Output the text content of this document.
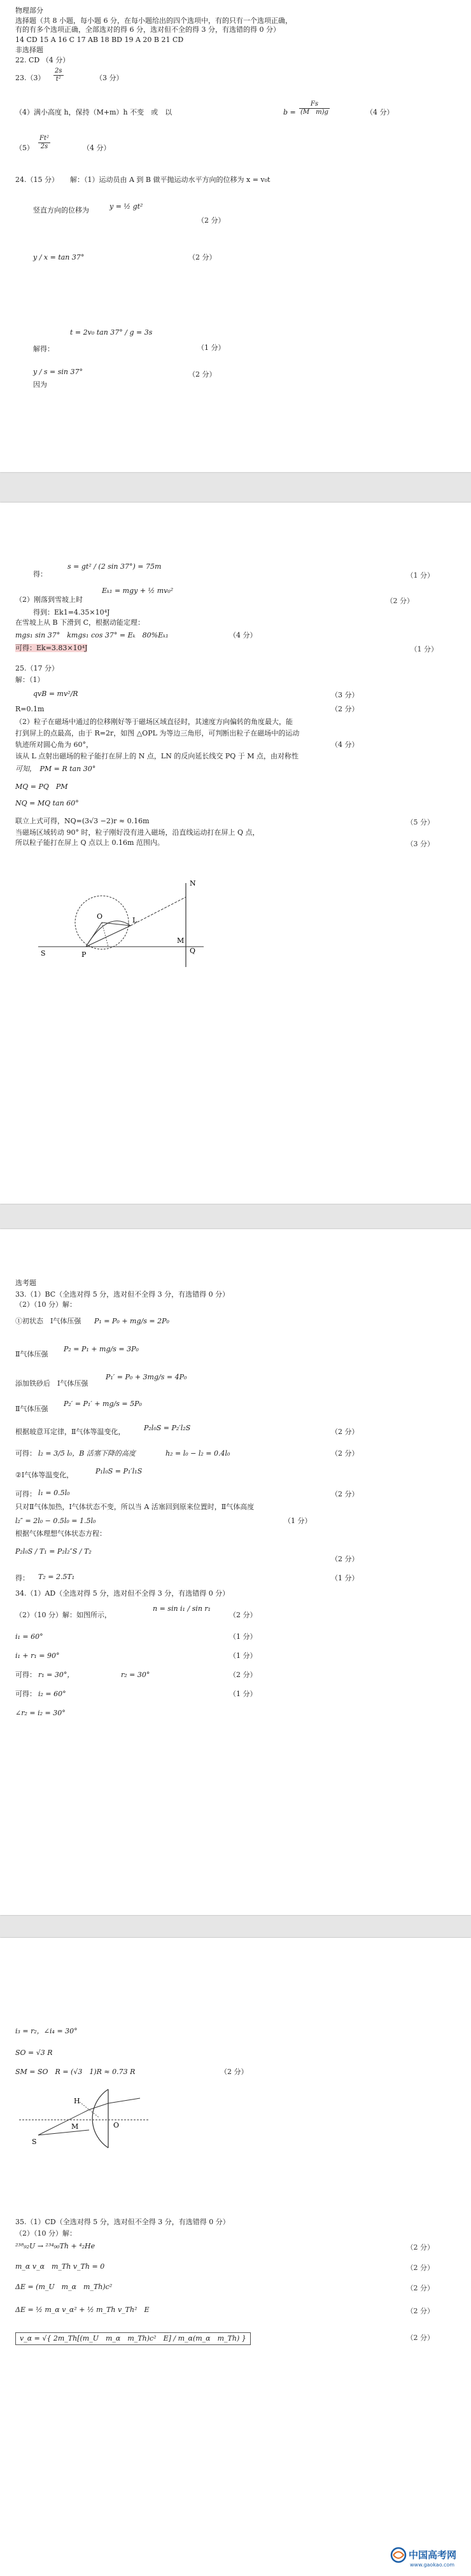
物理部分
选择题（共 8 小题，每小题 6 分，在每小题给出的四个选项中，有的只有一个选项正确，
有的有多个选项正确，全部选对的得 6 分，选对但不全的得 3 分，有选错的得 0 分）
14 CD 15 A 16 C 17 AB 18 BD 19 A 20 B 21 CD
非选择题
22. CD （4 分）
$23.(3) \frac{2s}{\text{t²}}$	（3 分）
（4）满小高度 h，保持（M+m）h 不变　或　以	$b = \frac{Fs}{\text{(M　m)g}}$	（4 分）
$(5) \frac{\text{Ft²}}{2s}$	（4 分）
24.（15 分） 解：（1）运动员由 A 到 B 做平抛运动水平方向的位移为 x = v₀t
竖直方向的位移为	y = ½ gt²
（2 分）
y / x = tan 37°	（2 分）
解得：
t = 2v₀ tan 37° / g = 3s
（1 分）
因为
y / s = sin 37°	（2 分）
得：
s = gt² / (2 sin 37°) = 75m
（1 分）
（2）刚落到雪坡上时
Eₖ₁ = mgy + ½ mv₀²
（2 分）
得到：Ek1=4.35×10⁴J
在雪坡上从 B 下滑到 C，根据动能定理：
mgs₁ sin 37°　kmgs₁ cos 37° = Eₖ　80%Eₖ₁	（4 分）
可得：Ek=3.83×10⁴J	（1 分）
25.（17 分）
解：（1）
qvB = mv²/R	（3 分）
R=0.1m	（2 分）
（2）粒子在磁场中通过的位移刚好等于磁场区域直径时，其速度方向偏转的角度最大，能
打到屏上的点最高，由于 R=2r，如图 △OPL 为等边三角形，可判断出粒子在磁场中的运动
轨迹所对圆心角为 60°，	（4 分）
该从 L 点射出磁场的粒子能打在屏上的 N 点，LN 的反向延长线交 PQ 于 M 点，由对称性
可知，　PM = R tan 30°
MQ = PQ　PM
NQ = MQ tan 60°
联立上式可得，NQ=(3√3 −2)r ≈ 0.16m	（5 分）
当磁场区域转动 90° 时，粒子刚好没有进入磁场，沿直线运动打在屏上 Q 点，
所以粒子能打在屏上 Q 点以上 0.16m 范围内。	（3 分）
N
O	L
M
S	P	Q
选考题
33.（1）BC（全选对得 5 分，选对但不全得 3 分，有选错得 0 分）
（2）（10 分）解：
①初状态　Ⅰ气体压强 P₁ = P₀ + mg/s = 2P₀
Ⅱ气体压强
P₂ = P₁ + mg/s = 3P₀
添加铁砂后　Ⅰ气体压强
P₁′ = P₀ + 3mg/s = 4P₀
Ⅱ气体压强
P₂′ = P₁′ + mg/s = 5P₀
根据玻意耳定律，Ⅱ气体等温变化，	P₂l₀S = P₂′l₂S	（2 分）
可得： l₂ = 3/5 l₀，B 活塞下降的高度	h₂ = l₀ − l₂ = 0.4l₀	（2 分）
②Ⅰ气体等温变化，	P₁l₀S = P₁′l₁S
可得： l₁ = 0.5l₀	（2 分）
只对Ⅱ气体加热，Ⅰ气体状态不变，所以当 A 活塞回到原来位置时，Ⅱ气体高度
l₂″ = 2l₀ − 0.5l₀ = 1.5l₀	（1 分）
根据气体理想气体状态方程：
P₂l₀S / T₁ = P₂l₂″S / T₂
（2 分）
得： T₂ = 2.5T₁	（1 分）
34.（1）AD（全选对得 5 分，选对但不全得 3 分，有选错得 0 分）
（2）（10 分）解：如图所示，
n = sin i₁ / sin r₁
（2 分）
i₁ = 60°	（1 分）
i₁ + r₁ = 90°	（1 分）
可得： r₁ = 30°，	r₂ = 30°	（2 分）
可得： i₂ = 60°	（1 分）
∠r₂ = i₂ = 30°
i₃ = r₂，∠i₄ = 30°
SO = √3 R
SM = SO　R = (√3　1)R ≈ 0.73 R	（2 分）
S
M	O
H
35.（1）CD（全选对得 5 分，选对但不全得 3 分，有选错得 0 分）
（2）（10 分）解：
²³⁸₉₂U → ²³⁴₉₀Th + ⁴₂He	（2 分）
m_α v_α　m_Th v_Th = 0	（2 分）
ΔE = (m_U　m_α　m_Th)c²	（2 分）
ΔE = ½ m_α v_α² + ½ m_Th v_Th²　E	（2 分）
v_α = √{ 2m_Th[(m_U　m_α　m_Th)c²　E] / m_α(m_α　m_Th) }	（2 分）
中国高考网
www.gaokao.com
